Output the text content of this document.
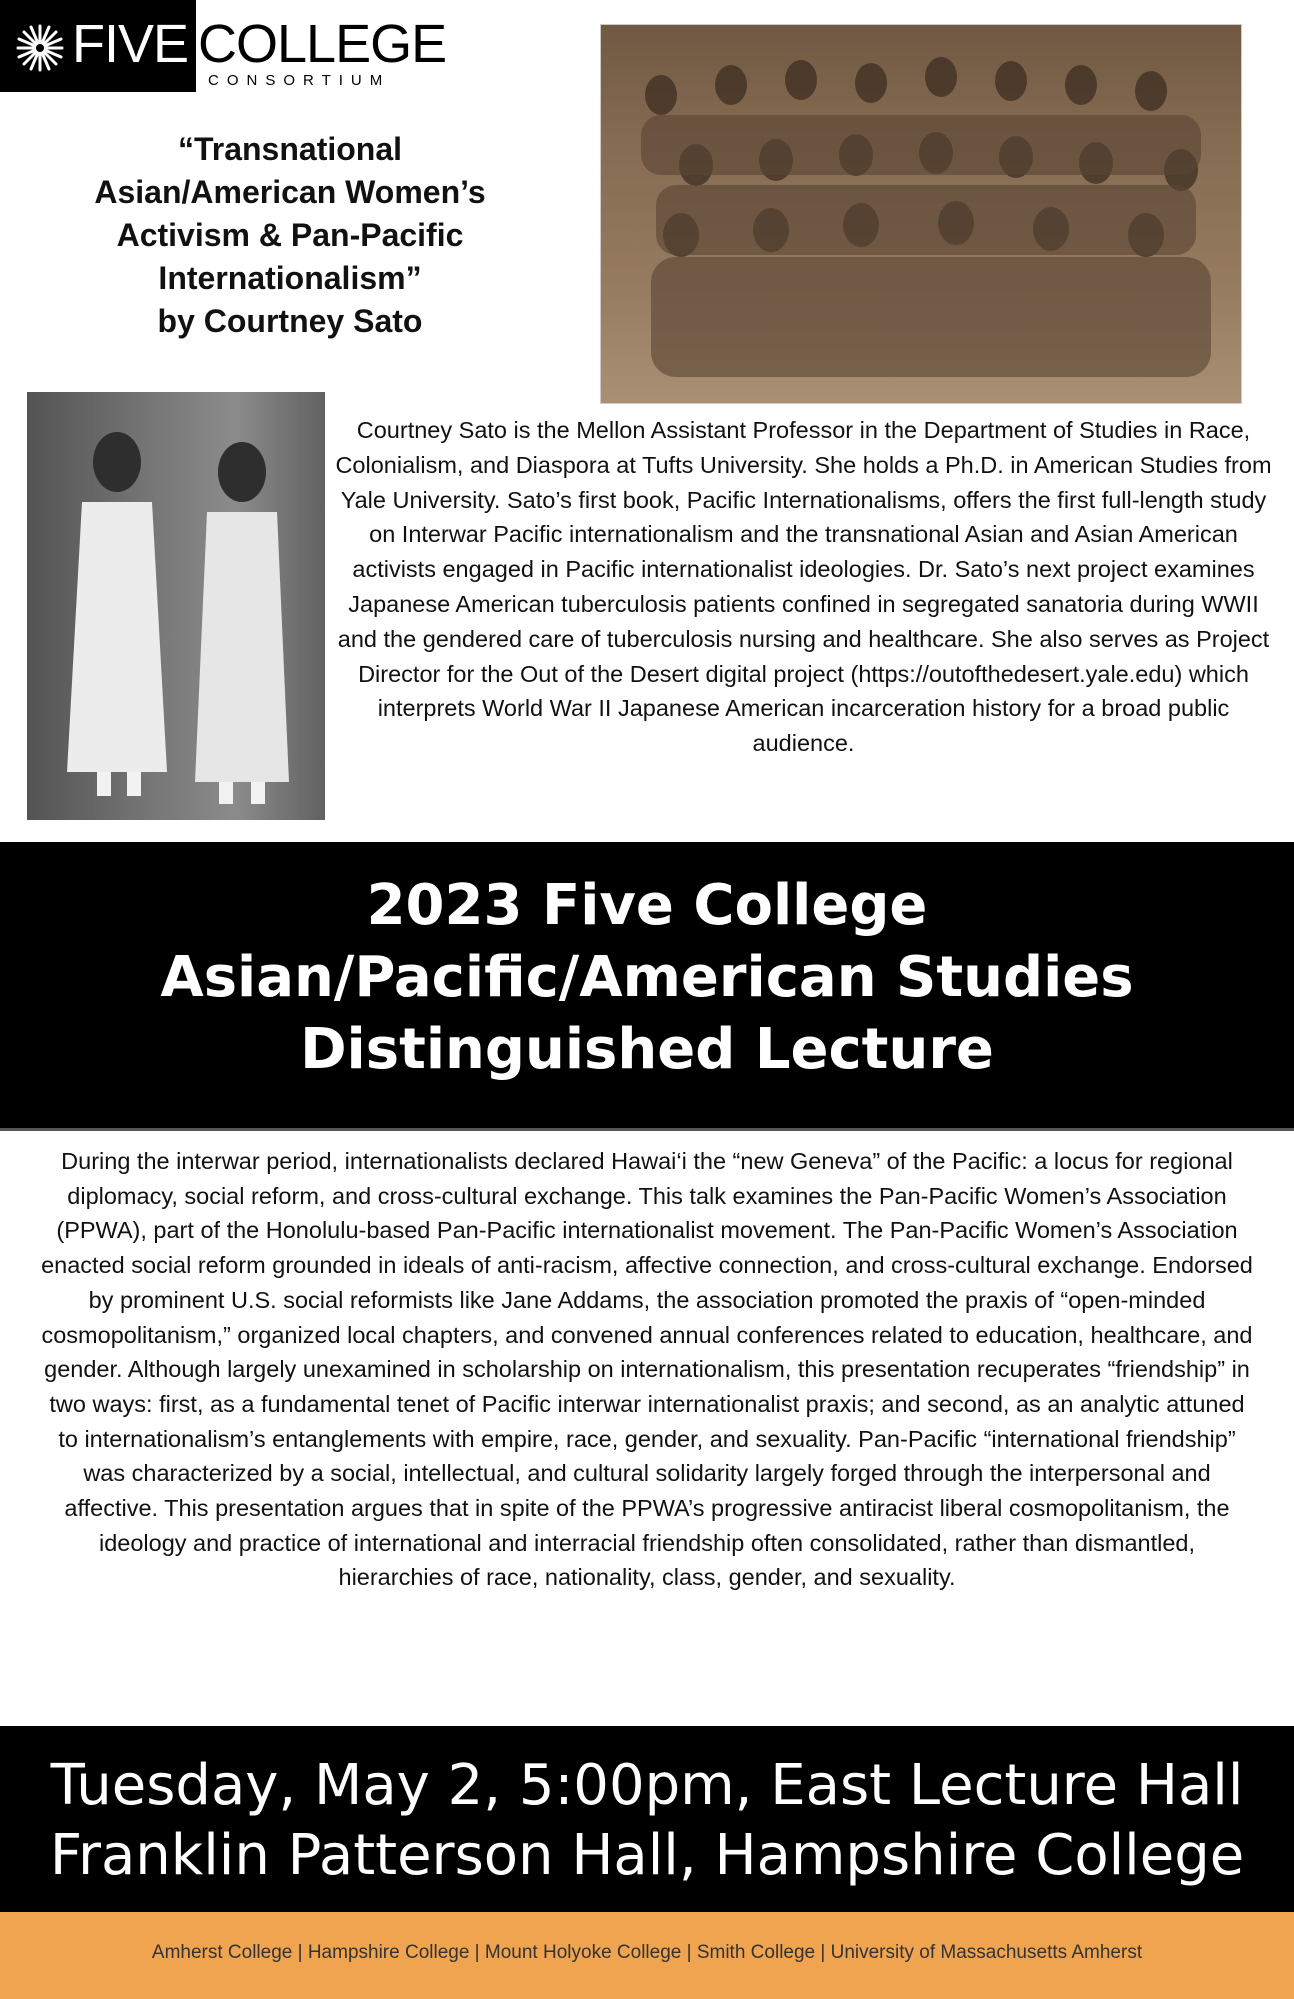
FIVE COLLEGE
CONSORTIUM
“Transnational
Asian/American Women’s
Activism & Pan-Pacific
Internationalism”
by Courtney Sato

Courtney Sato is the Mellon Assistant Professor in the Department of Studies in Race, Colonialism, and Diaspora at Tufts University. She holds a Ph.D. in American Studies from Yale University. Sato’s first book, Pacific Internationalisms, offers the first full-length study on Interwar Pacific internationalism and the transnational Asian and Asian American activists engaged in Pacific internationalist ideologies. Dr. Sato’s next project examines Japanese American tuberculosis patients confined in segregated sanatoria during WWII and the gendered care of tuberculosis nursing and healthcare. She also serves as Project Director for the Out of the Desert digital project (https://outofthedesert.yale.edu) which interprets World War II Japanese American incarceration history for a broad public audience.

2023 Five College
Asian/Pacific/American Studies
Distinguished Lecture

During the interwar period, internationalists declared Hawai‘i the “new Geneva” of the Pacific: a locus for regional diplomacy, social reform, and cross-cultural exchange. This talk examines the Pan-Pacific Women’s Association (PPWA), part of the Honolulu-based Pan-Pacific internationalist movement. The Pan-Pacific Women’s Association enacted social reform grounded in ideals of anti-racism, affective connection, and cross-cultural exchange. Endorsed by prominent U.S. social reformists like Jane Addams, the association promoted the praxis of “open-minded cosmopolitanism,” organized local chapters, and convened annual conferences related to education, healthcare, and gender. Although largely unexamined in scholarship on internationalism, this presentation recuperates “friendship” in two ways: first, as a fundamental tenet of Pacific interwar internationalist praxis; and second, as an analytic attuned to internationalism’s entanglements with empire, race, gender, and sexuality. Pan-Pacific “international friendship” was characterized by a social, intellectual, and cultural solidarity largely forged through the interpersonal and affective. This presentation argues that in spite of the PPWA’s progressive antiracist liberal cosmopolitanism, the ideology and practice of international and interracial friendship often consolidated, rather than dismantled, hierarchies of race, nationality, class, gender, and sexuality.

Tuesday, May 2, 5:00pm, East Lecture Hall
Franklin Patterson Hall, Hampshire College
Amherst College | Hampshire College | Mount Holyoke College | Smith College | University of Massachusetts Amherst
